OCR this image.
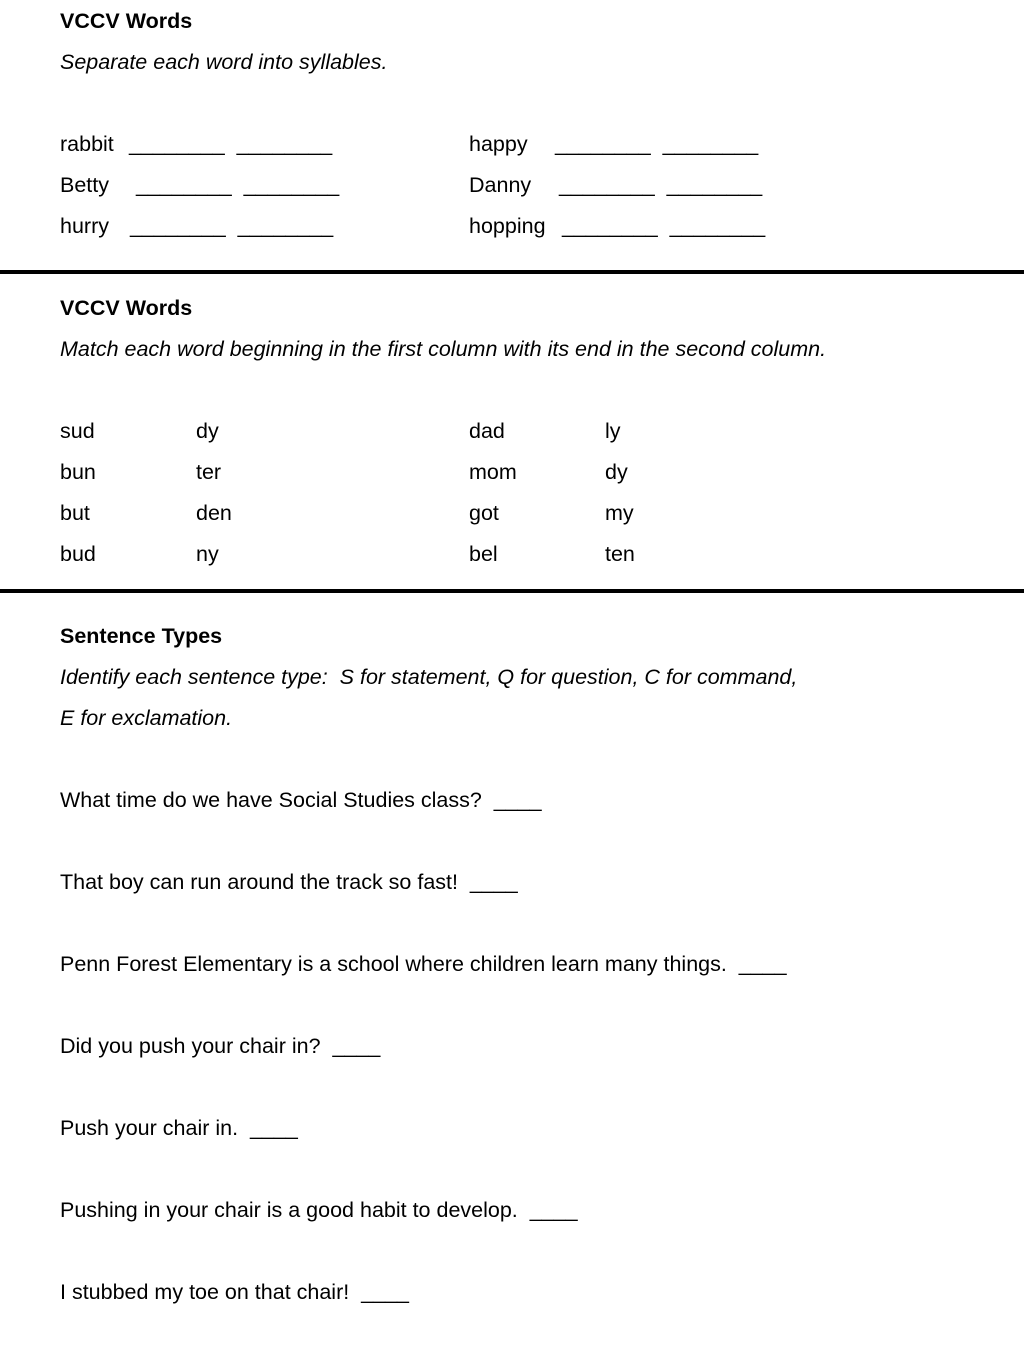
VCCV Words
Separate each word into syllables.
rabbit ________  ________
Betty ________  ________
hurry ________  ________
happy ________  ________
Danny ________  ________
hopping ________  ________
VCCV Words
Match each word beginning in the first column with its end in the second column.
sud	dy
bun	ter
but	den
bud	ny
dad	ly
mom	dy
got	my
bel	ten
Sentence Types
Identify each sentence type:  S for statement, Q for question, C for command,
E for exclamation.
What time do we have Social Studies class?  ____
That boy can run around the track so fast!  ____
Penn Forest Elementary is a school where children learn many things.  ____
Did you push your chair in?  ____
Push your chair in.  ____
Pushing in your chair is a good habit to develop.  ____
I stubbed my toe on that chair!  ____
